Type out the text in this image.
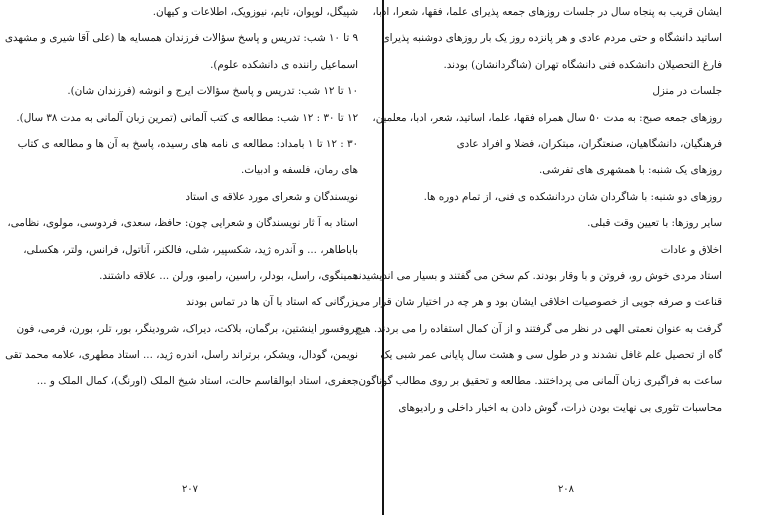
شپیگل، لوپوان، تایم، نیوزویک، اطلاعات و کیهان.
۹ تا ۱۰ شب: تدریس و پاسخ سؤالات فرزندان همسایه ها (علی آقا شیری و مشهدی
اسماعیل راننده ی دانشکده علوم).
۱۰ تا ۱۲ شب: تدریس و پاسخ سؤالات ایرج و انوشه (فرزندان شان).
۱۲ تا ۳۰ : ۱۲ شب: مطالعه ی کتب آلمانی (تمرین زبان آلمانی به مدت ۳۸ سال).
۳۰ : ۱۲ تا ۱ بامداد: مطالعه ی نامه های رسیده، پاسخ به آن ها و مطالعه ی کتاب
های رمان، فلسفه و ادبیات.
نویسندگان و شعرای مورد علاقه ی استاد
استاد به آ ثار نویسندگان و شعرایی چون: حافظ، سعدی، فردوسی، مولوی، نظامی،
باباطاهر، ... و آندره ژید، شکسپیر، شلی، فالکنر، آناتول، فرانس، ولتر، هکسلی،
همینگوی، راسل، بودلر، راسین، رامبو، ورلن ... علاقه داشتند.
بزرگانی که استاد با آن ها در تماس بودند
پروفسور اینشتین، برگمان، بلاکت، دیراک، شرودینگر، بور، تلر، بورن، فرمی، فون
نویمن، گودال، ویشکر، برتراند راسل، اندره ژید، ... استاد مطهری، علامه محمد تقی
جعفری، استاد ابوالقاسم حالت، استاد شیخ الملک (اورنگ)، کمال الملک و ...
۲۰۷
ایشان قریب به پنجاه سال در جلسات روزهای جمعه پذیرای علما، فقها، شعرا، ادبا،
اساتید دانشگاه و حتی مردم عادی و هر پانزده روز یک بار روزهای دوشنبه پذیرای
فارغ التحصیلان دانشکده فنی دانشگاه تهران (شاگردانشان) بودند.
جلسات در منزل
روزهای جمعه صبح: به مدت ۵۰ سال همراه فقها، علما، اساتید، شعر، ادبا، معلمین،
فرهنگیان، دانشگاهیان، صنعتگران، مبتکران، فضلا و افراد عادی
روزهای یک شنبه: با همشهری های تفرشی.
روزهای دو شنبه: با شاگردان شان دردانشکده ی فنی، از تمام دوره ها.
سایر روزها: با تعیین وقت قبلی.
اخلاق و عادات
استاد مردی خوش رو، فروتن و با وقار بودند. کم سخن می گفتند و بسیار می اندیشیدند
قناعت و صرفه جویی از خصوصیات اخلاقی ایشان بود و هر چه در اختیار شان قرار می
گرفت به عنوان نعمتی الهی در نظر می گرفتند و از آن کمال استفاده را می بردند. هیچ
گاه از تحصیل علم غافل نشدند و در طول سی و هشت سال پایانی عمر شبی یک
ساعت به فراگیری زبان آلمانی می پرداختند. مطالعه و تحقیق بر روی مطالب گوناگون،
محاسبات تئوری بی نهایت بودن ذرات، گوش دادن به اخبار داخلی و رادیوهای
۲۰۸
